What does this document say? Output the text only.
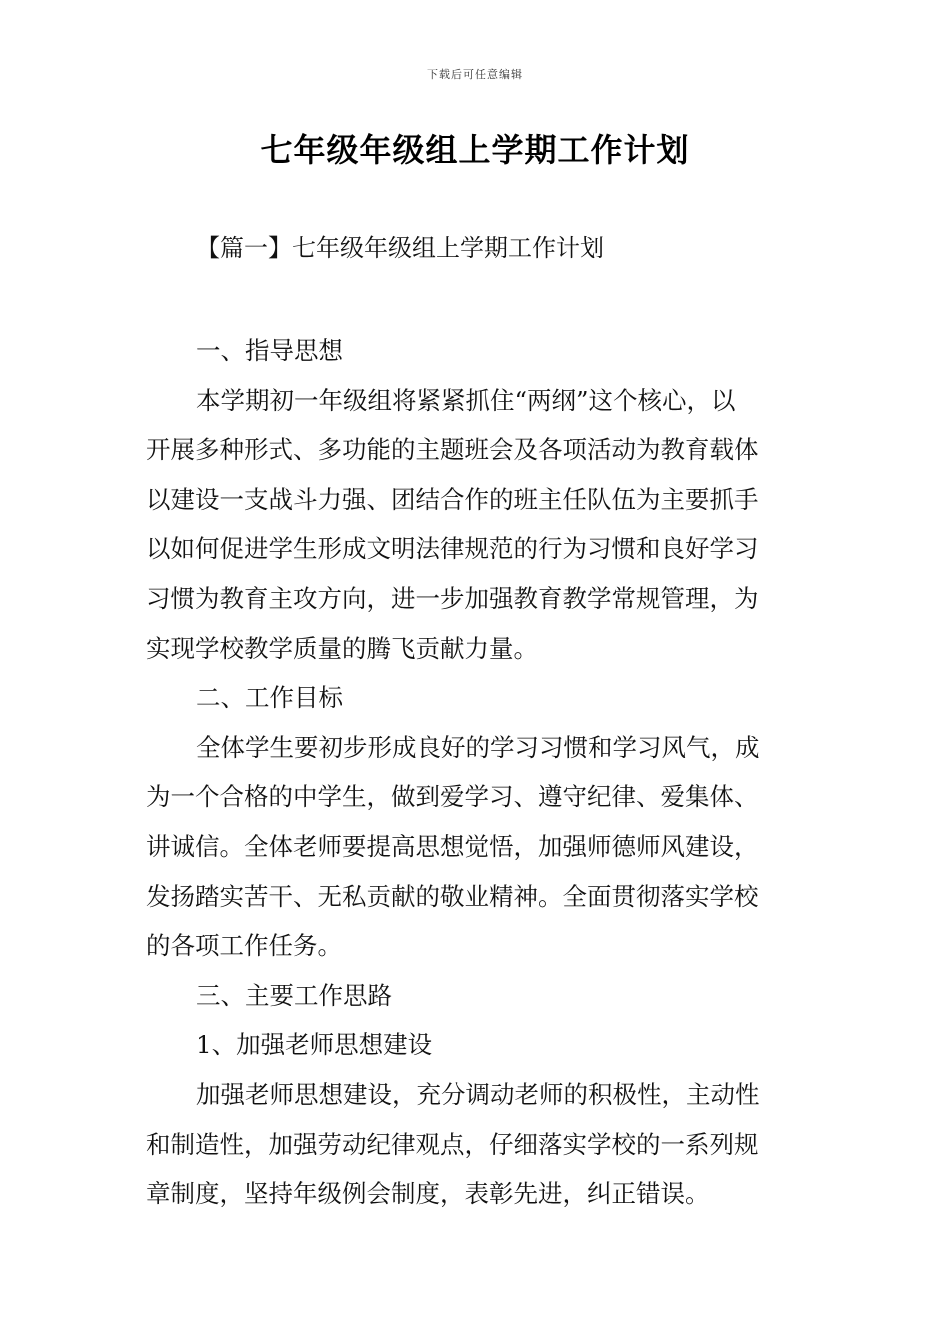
下载后可任意编辑
七年级年级组上学期工作计划
【篇一】七年级年级组上学期工作计划
一、指导思想
本学期初一年级组将紧紧抓住“两纲”这个核心，以
开展多种形式、多功能的主题班会及各项活动为教育载体
以建设一支战斗力强、团结合作的班主任队伍为主要抓手
以如何促进学生形成文明法律规范的行为习惯和良好学习
习惯为教育主攻方向，进一步加强教育教学常规管理，为
实现学校教学质量的腾飞贡献力量。
二、工作目标
全体学生要初步形成良好的学习习惯和学习风气，成
为一个合格的中学生，做到爱学习、遵守纪律、爱集体、
讲诚信。全体老师要提高思想觉悟，加强师德师风建设，
发扬踏实苦干、无私贡献的敬业精神。全面贯彻落实学校
的各项工作任务。
三、主要工作思路
1、加强老师思想建设
加强老师思想建设，充分调动老师的积极性，主动性
和制造性，加强劳动纪律观点，仔细落实学校的一系列规
章制度，坚持年级例会制度，表彰先进，纠正错误。
